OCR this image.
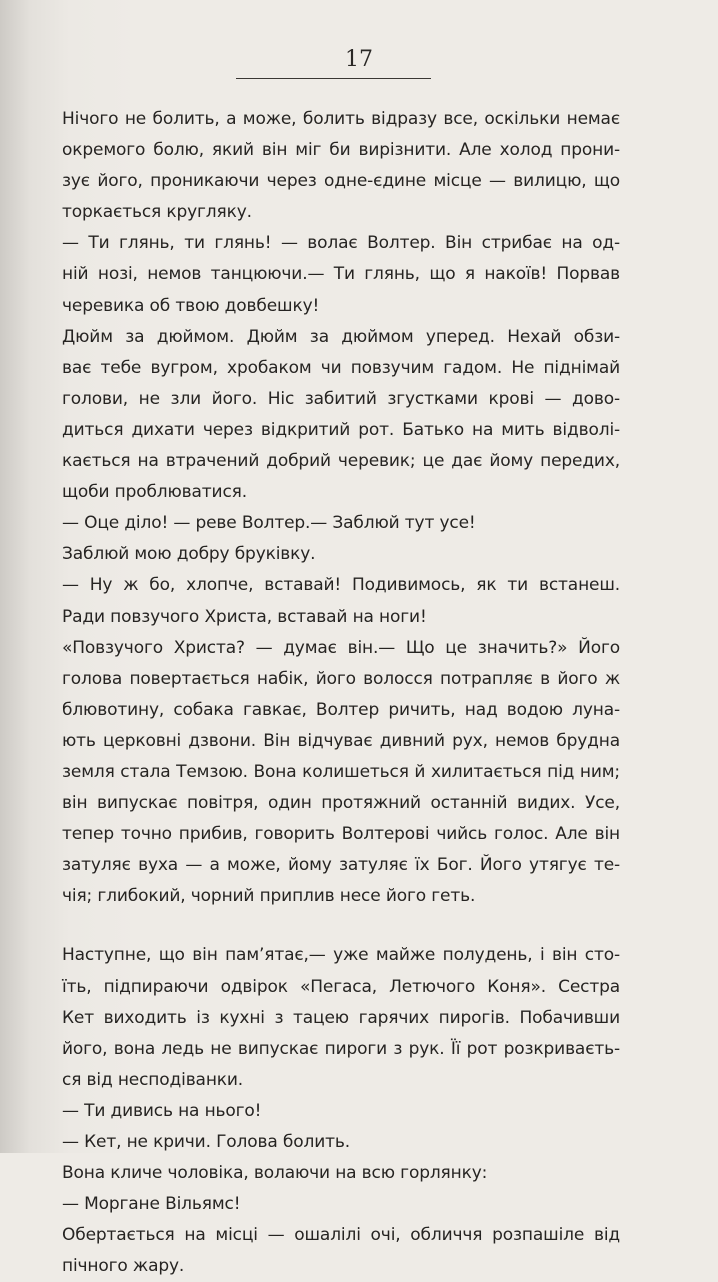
17

Нічого не болить, а може, болить відразу все, оскільки немає
окремого болю, який він міг би вирізнити. Але холод прони-
зує його, проникаючи через одне-єдине місце — вилицю, що
торкається кругляку.

— Ти глянь, ти глянь! — волає Волтер. Він стрибає на од-
ній нозі, немов танцюючи.— Ти глянь, що я накоїв! Порвав
черевика об твою довбешку!

Дюйм за дюймом. Дюйм за дюймом уперед. Нехай обзи-
ває тебе вугром, хробаком чи повзучим гадом. Не піднімай
голови, не зли його. Ніс забитий згустками крові — дово-
диться дихати через відкритий рот. Батько на мить відволі-
кається на втрачений добрий черевик; це дає йому передих,
щоби проблюватися.

— Оце діло! — реве Волтер.— Заблюй тут усе!

Заблюй мою добру бруківку.

— Ну ж бо, хлопче, вставай! Подивимось, як ти встанеш.
Ради повзучого Христа, вставай на ноги!

«Повзучого Христа? — думає він.— Що це значить?» Його
голова повертається набік, його волосся потрапляє в його ж
блювотину, собака гавкає, Волтер ричить, над водою луна-
ють церковні дзвони. Він відчуває дивний рух, немов брудна
земля стала Темзою. Вона колишеться й хилитається під ним;
він випускає повітря, один протяжний останній видих. Усе,
тепер точно прибив, говорить Волтерові чийсь голос. Але він
затуляє вуха — а може, йому затуляє їх Бог. Його утягує те-
чія; глибокий, чорний приплив несе його геть.

Наступне, що він пам’ятає,— уже майже полудень, і він сто-
їть, підпираючи одвірок «Пегаса, Летючого Коня». Сестра
Кет виходить із кухні з тацею гарячих пирогів. Побачивши
його, вона ледь не випускає пироги з рук. Її рот розкриваєть-
ся від несподіванки.

— Ти дивись на нього!

— Кет, не кричи. Голова болить.

Вона кличе чоловіка, волаючи на всю горлянку:

— Моргане Вільямс!

Обертається на місці — ошалілі очі, обличчя розпашіле від
пічного жару.
